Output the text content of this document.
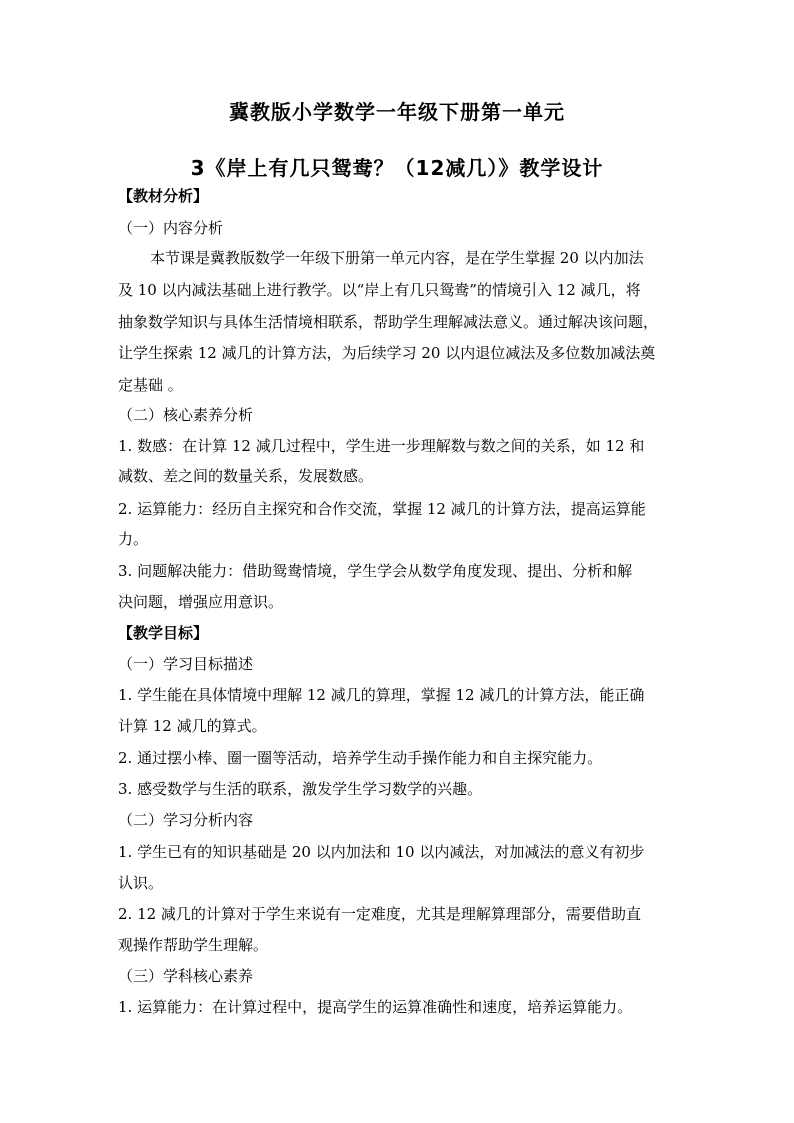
冀教版小学数学一年级下册第一单元
3《岸上有几只鸳鸯？（12减几）》教学设计
【教材分析】
（一）内容分析
本节课是冀教版数学一年级下册第一单元内容，是在学生掌握 20 以内加法
及 10 以内减法基础上进行教学。以“岸上有几只鸳鸯”的情境引入 12 减几，将
抽象数学知识与具体生活情境相联系，帮助学生理解减法意义。通过解决该问题，
让学生探索 12 减几的计算方法，为后续学习 20 以内退位减法及多位数加减法奠
定基础 。
（二）核心素养分析
1. 数感：在计算 12 减几过程中，学生进一步理解数与数之间的关系，如 12 和
减数、差之间的数量关系，发展数感。
2. 运算能力：经历自主探究和合作交流，掌握 12 减几的计算方法，提高运算能
力。
3. 问题解决能力：借助鸳鸯情境，学生学会从数学角度发现、提出、分析和解
决问题，增强应用意识。
【教学目标】
（一）学习目标描述
1. 学生能在具体情境中理解 12 减几的算理，掌握 12 减几的计算方法，能正确
计算 12 减几的算式。
2. 通过摆小棒、圈一圈等活动，培养学生动手操作能力和自主探究能力。
3. 感受数学与生活的联系，激发学生学习数学的兴趣。
（二）学习分析内容
1. 学生已有的知识基础是 20 以内加法和 10 以内减法，对加减法的意义有初步
认识。
2. 12 减几的计算对于学生来说有一定难度，尤其是理解算理部分，需要借助直
观操作帮助学生理解。
（三）学科核心素养
1. 运算能力：在计算过程中，提高学生的运算准确性和速度，培养运算能力。
